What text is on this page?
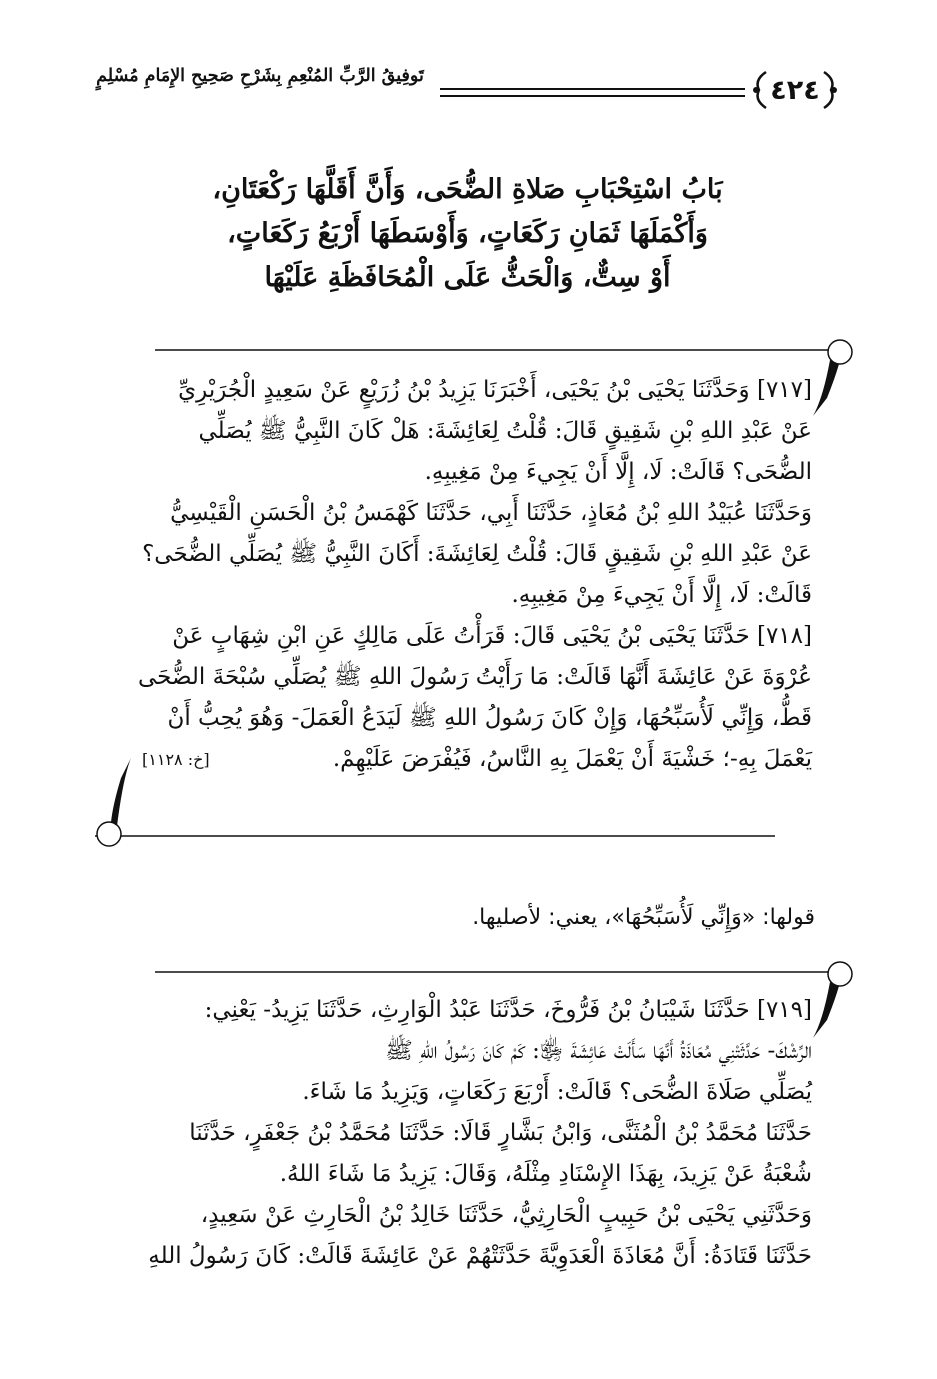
تَوفِيقُ الرَّبِّ المُنْعِمِ بِشَرْحِ صَحِيحِ الإِمَامِ مُسْلِمٍ	٤٢٤
بَابُ اسْتِحْبَابِ صَلاةِ الضُّحَى، وَأَنَّ أَقَلَّهَا رَكْعَتَانِ،
وَأَكْمَلَهَا ثَمَانِ رَكَعَاتٍ، وَأَوْسَطَهَا أَرْبَعُ رَكَعَاتٍ،
أَوْ سِتٌّ، وَالْحَثُّ عَلَى الْمُحَافَظَةِ عَلَيْهَا
[٧١٧] وَحَدَّثَنَا يَحْيَى بْنُ يَحْيَى، أَخْبَرَنَا يَزِيدُ بْنُ زُرَيْعٍ عَنْ سَعِيدٍ الْجُرَيْرِيِّ
عَنْ عَبْدِ اللهِ بْنِ شَقِيقٍ قَالَ: قُلْتُ لِعَائِشَةَ: هَلْ كَانَ النَّبِيُّ ﷺ يُصَلِّي
الضُّحَى؟ قَالَتْ: لَا، إِلَّا أَنْ يَجِيءَ مِنْ مَغِيبِهِ.
وَحَدَّثَنَا عُبَيْدُ اللهِ بْنُ مُعَاذٍ، حَدَّثَنَا أَبِي، حَدَّثَنَا كَهْمَسُ بْنُ الْحَسَنِ الْقَيْسِيُّ
عَنْ عَبْدِ اللهِ بْنِ شَقِيقٍ قَالَ: قُلْتُ لِعَائِشَةَ: أَكَانَ النَّبِيُّ ﷺ يُصَلِّي الضُّحَى؟
قَالَتْ: لَا، إِلَّا أَنْ يَجِيءَ مِنْ مَغِيبِهِ.
[٧١٨] حَدَّثَنَا يَحْيَى بْنُ يَحْيَى قَالَ: قَرَأْتُ عَلَى مَالِكٍ عَنِ ابْنِ شِهَابٍ عَنْ
عُرْوَةَ عَنْ عَائِشَةَ أَنَّهَا قَالَتْ: مَا رَأَيْتُ رَسُولَ اللهِ ﷺ يُصَلِّي سُبْحَةَ الضُّحَى
قَطُّ، وَإِنِّي لَأُسَبِّحُهَا، وَإِنْ كَانَ رَسُولُ اللهِ ﷺ لَيَدَعُ الْعَمَلَ- وَهُوَ يُحِبُّ أَنْ
يَعْمَلَ بِهِ-؛ خَشْيَةَ أَنْ يَعْمَلَ بِهِ النَّاسُ، فَيُفْرَضَ عَلَيْهِمْ.
[خ: ١١٢٨]
قولها: «وَإِنِّي لَأُسَبِّحُهَا»، يعني: لأصليها.
[٧١٩] حَدَّثَنَا شَيْبَانُ بْنُ فَرُّوخَ، حَدَّثَنَا عَبْدُ الْوَارِثِ، حَدَّثَنَا يَزِيدُ- يَعْنِي:
الرِّشْكَ- حَدَّثَتْنِي مُعَاذَةُ أَنَّهَا سَأَلَتْ عَائِشَةَ ﵂: كَمْ كَانَ رَسُولُ اللهِ ﷺ
يُصَلِّي صَلَاةَ الضُّحَى؟ قَالَتْ: أَرْبَعَ رَكَعَاتٍ، وَيَزِيدُ مَا شَاءَ.
حَدَّثَنَا مُحَمَّدُ بْنُ الْمُثَنَّى، وَابْنُ بَشَّارٍ قَالَا: حَدَّثَنَا مُحَمَّدُ بْنُ جَعْفَرٍ، حَدَّثَنَا
شُعْبَةُ عَنْ يَزِيدَ، بِهَذَا الإِسْنَادِ مِثْلَهُ، وَقَالَ: يَزِيدُ مَا شَاءَ اللهُ.
وَحَدَّثَنِي يَحْيَى بْنُ حَبِيبٍ الْحَارِثِيُّ، حَدَّثَنَا خَالِدُ بْنُ الْحَارِثِ عَنْ سَعِيدٍ،
حَدَّثَنَا قَتَادَةُ: أَنَّ مُعَاذَةَ الْعَدَوِيَّةَ حَدَّثَتْهُمْ عَنْ عَائِشَةَ قَالَتْ: كَانَ رَسُولُ اللهِ
